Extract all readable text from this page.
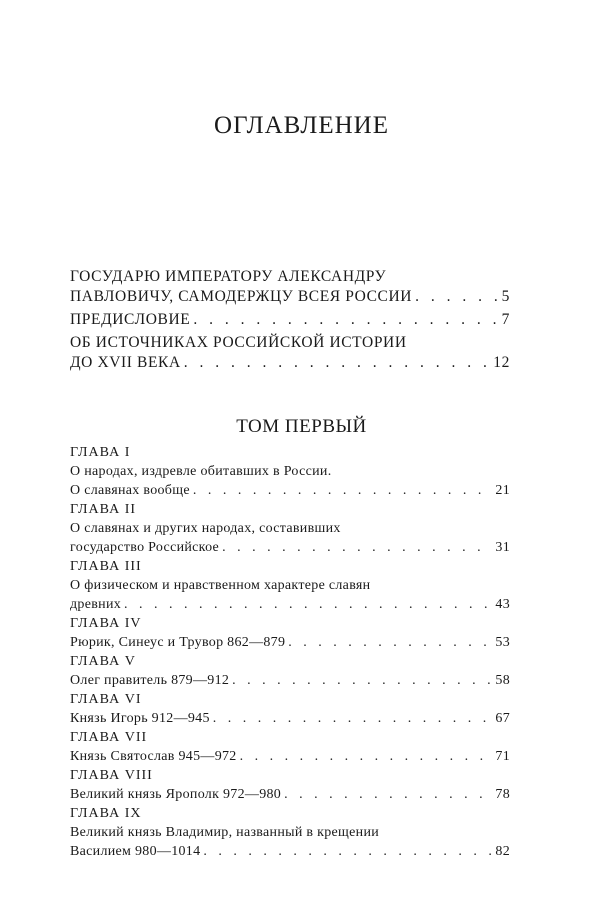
ОГЛАВЛЕНИЕ
ГОСУДАРЮ ИМПЕРАТОРУ АЛЕКСАНДРУ
ПАВЛОВИЧУ, САМОДЕРЖЦУ ВСЕЯ РОССИИ . . .	5
ПРЕДИСЛОВИЕ . . .	7
ОБ ИСТОЧНИКАХ РОССИЙСКОЙ ИСТОРИИ
ДО XVII ВЕКА . . .	12
ТОМ ПЕРВЫЙ
ГЛАВА I
О народах, издревле обитавших в России.
О славянах вообще . . .	21
ГЛАВА II
О славянах и других народах, составивших
государство Российское . . .	31
ГЛАВА III
О физическом и нравственном характере славян
древних . . .	43
ГЛАВА IV
Рюрик, Синеус и Трувор 862—879 . . .	53
ГЛАВА V
Олег правитель 879—912 . . .	58
ГЛАВА VI
Князь Игорь 912—945 . . .	67
ГЛАВА VII
Князь Святослав 945—972 . . .	71
ГЛАВА VIII
Великий князь Ярополк 972—980 . . .	78
ГЛАВА IX
Великий князь Владимир, названный в крещении
Василием 980—1014 . . .	82
